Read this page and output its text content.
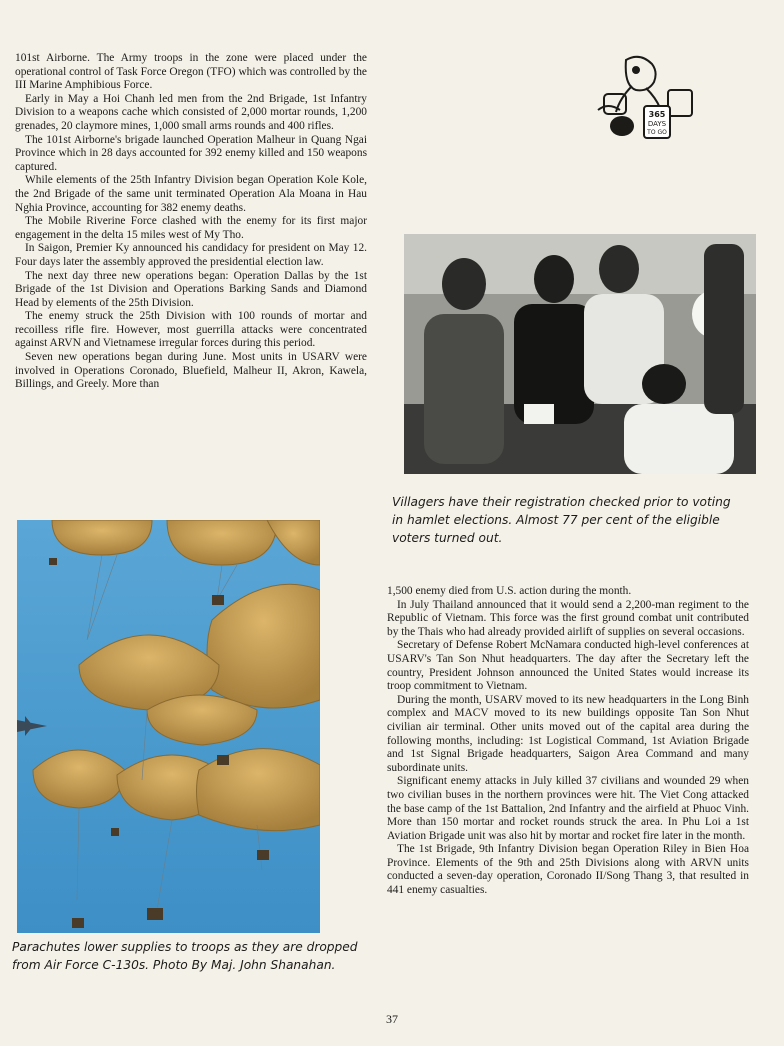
365
DAYS
TO GO

101st Airborne. The Army troops in the zone were placed under the operational control of Task Force Oregon (TFO) which was controlled by the III Marine Amphibious Force.

Early in May a Hoi Chanh led men from the 2nd Brigade, 1st Infantry Division to a weapons cache which consisted of 2,000 mortar rounds, 1,200 grenades, 20 claymore mines, 1,000 small arms rounds and 400 rifles.

The 101st Airborne's brigade launched Operation Malheur in Quang Ngai Province which in 28 days accounted for 392 enemy killed and 150 weapons captured.

While elements of the 25th Infantry Division began Operation Kole Kole, the 2nd Brigade of the same unit terminated Operation Ala Moana in Hau Nghia Province, accounting for 382 enemy deaths.

The Mobile Riverine Force clashed with the enemy for its first major engagement in the delta 15 miles west of My Tho.

In Saigon, Premier Ky announced his candidacy for president on May 12. Four days later the assembly approved the presidential election law.

The next day three new operations began: Operation Dallas by the 1st Brigade of the 1st Division and Operations Barking Sands and Diamond Head by elements of the 25th Division.

The enemy struck the 25th Division with 100 rounds of mortar and recoilless rifle fire. However, most guerrilla attacks were concentrated against ARVN and Vietnamese irregular forces during this period.

Seven new operations began during June. Most units in USARV were involved in Operations Coronado, Bluefield, Malheur II, Akron, Kawela, Billings, and Greely. More than

Villagers have their registration checked prior to voting in hamlet elections. Almost 77 per cent of the eligible voters turned out.

Parachutes lower supplies to troops as they are dropped from Air Force C-130s. Photo By Maj. John Shanahan.

1,500 enemy died from U.S. action during the month.

In July Thailand announced that it would send a 2,200-man regiment to the Republic of Vietnam. This force was the first ground combat unit contributed by the Thais who had already provided airlift of supplies on several occasions.

Secretary of Defense Robert McNamara conducted high-level conferences at USARV's Tan Son Nhut headquarters. The day after the Secretary left the country, President Johnson announced the United States would increase its troop commitment to Vietnam.

During the month, USARV moved to its new headquarters in the Long Binh complex and MACV moved to its new buildings opposite Tan Son Nhut civilian air terminal. Other units moved out of the capital area during the following months, including: 1st Logistical Command, 1st Aviation Brigade and 1st Signal Brigade headquarters, Saigon Area Command and many subordinate units.

Significant enemy attacks in July killed 37 civilians and wounded 29 when two civilian buses in the northern provinces were hit. The Viet Cong attacked the base camp of the 1st Battalion, 2nd Infantry and the airfield at Phuoc Vinh. More than 150 mortar and rocket rounds struck the area. In Phu Loi a 1st Aviation Brigade unit was also hit by mortar and rocket fire later in the month.

The 1st Brigade, 9th Infantry Division began Operation Riley in Bien Hoa Province. Elements of the 9th and 25th Divisions along with ARVN units conducted a seven-day operation, Coronado II/Song Thang 3, that resulted in 441 enemy casualties.

37
